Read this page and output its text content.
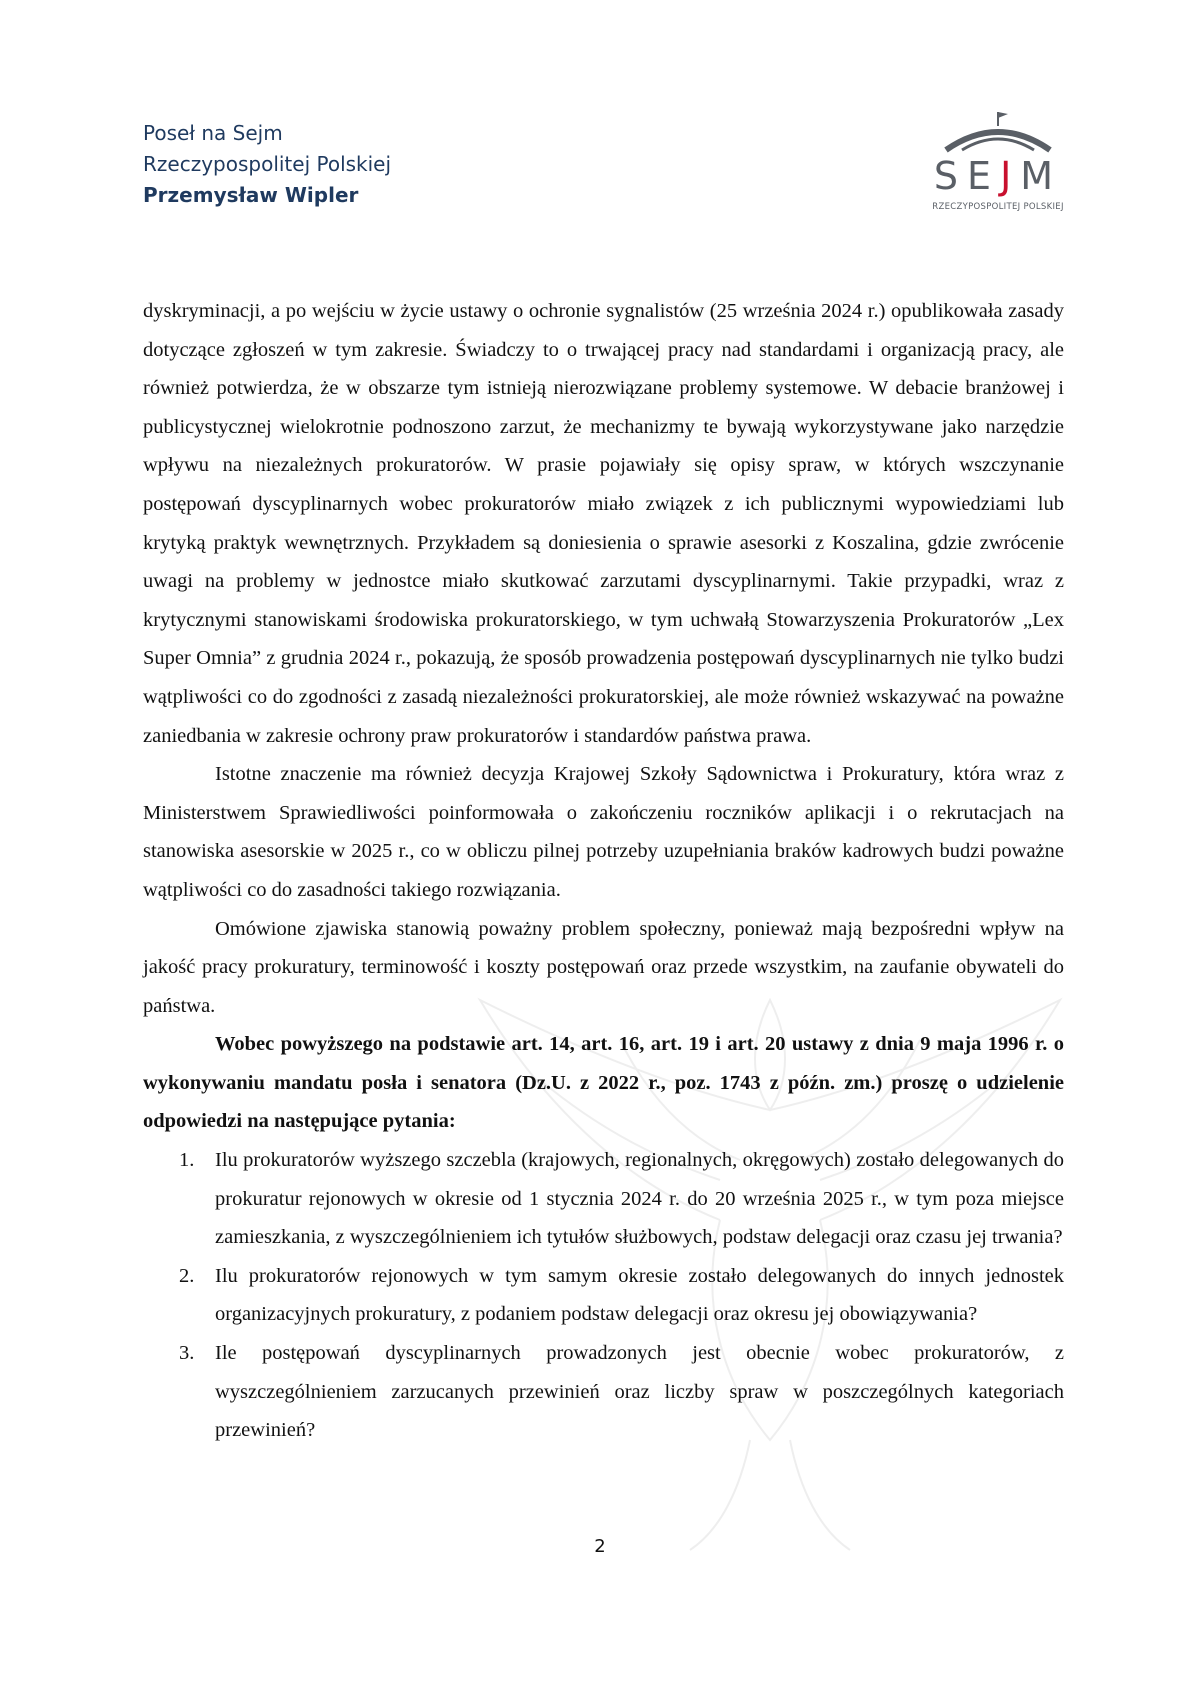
Poseł na Sejm
Rzeczypospolitej Polskiej
Przemysław Wipler	SEJM
RZECZYPOSPOLITEJ POLSKIEJ

dyskryminacji, a po wejściu w życie ustawy o ochronie sygnalistów (25 września 2024 r.) opublikowała zasady dotyczące zgłoszeń w tym zakresie. Świadczy to o trwającej pracy nad standardami i organizacją pracy, ale również potwierdza, że w obszarze tym istnieją nierozwiązane problemy systemowe. W debacie branżowej i publicystycznej wielokrotnie podnoszono zarzut, że mechanizmy te bywają wykorzystywane jako narzędzie wpływu na niezależnych prokuratorów. W prasie pojawiały się opisy spraw, w których wszczynanie postępowań dyscyplinarnych wobec prokuratorów miało związek z ich publicznymi wypowiedziami lub krytyką praktyk wewnętrznych. Przykładem są doniesienia o sprawie asesorki z Koszalina, gdzie zwrócenie uwagi na problemy w jednostce miało skutkować zarzutami dyscyplinarnymi. Takie przypadki, wraz z krytycznymi stanowiskami środowiska prokuratorskiego, w tym uchwałą Stowarzyszenia Prokuratorów „Lex Super Omnia” z grudnia 2024 r., pokazują, że sposób prowadzenia postępowań dyscyplinarnych nie tylko budzi wątpliwości co do zgodności z zasadą niezależności prokuratorskiej, ale może również wskazywać na poważne zaniedbania w zakresie ochrony praw prokuratorów i standardów państwa prawa.

Istotne znaczenie ma również decyzja Krajowej Szkoły Sądownictwa i Prokuratury, która wraz z Ministerstwem Sprawiedliwości poinformowała o zakończeniu roczników aplikacji i o rekrutacjach na stanowiska asesorskie w 2025 r., co w obliczu pilnej potrzeby uzupełniania braków kadrowych budzi poważne wątpliwości co do zasadności takiego rozwiązania.

Omówione zjawiska stanowią poważny problem społeczny, ponieważ mają bezpośredni wpływ na jakość pracy prokuratury, terminowość i koszty postępowań oraz przede wszystkim, na zaufanie obywateli do państwa.

Wobec powyższego na podstawie art. 14, art. 16, art. 19 i art. 20 ustawy z dnia 9 maja 1996 r. o wykonywaniu mandatu posła i senatora (Dz.U. z 2022 r., poz. 1743 z późn. zm.) proszę o udzielenie odpowiedzi na następujące pytania:

1. Ilu prokuratorów wyższego szczebla (krajowych, regionalnych, okręgowych) zostało delegowanych do prokuratur rejonowych w okresie od 1 stycznia 2024 r. do 20 września 2025 r., w tym poza miejsce zamieszkania, z wyszczególnieniem ich tytułów służbowych, podstaw delegacji oraz czasu jej trwania?
2. Ilu prokuratorów rejonowych w tym samym okresie zostało delegowanych do innych jednostek organizacyjnych prokuratury, z podaniem podstaw delegacji oraz okresu jej obowiązywania?
3. Ile postępowań dyscyplinarnych prowadzonych jest obecnie wobec prokuratorów, z wyszczególnieniem zarzucanych przewinień oraz liczby spraw w poszczególnych kategoriach przewinień?
2
